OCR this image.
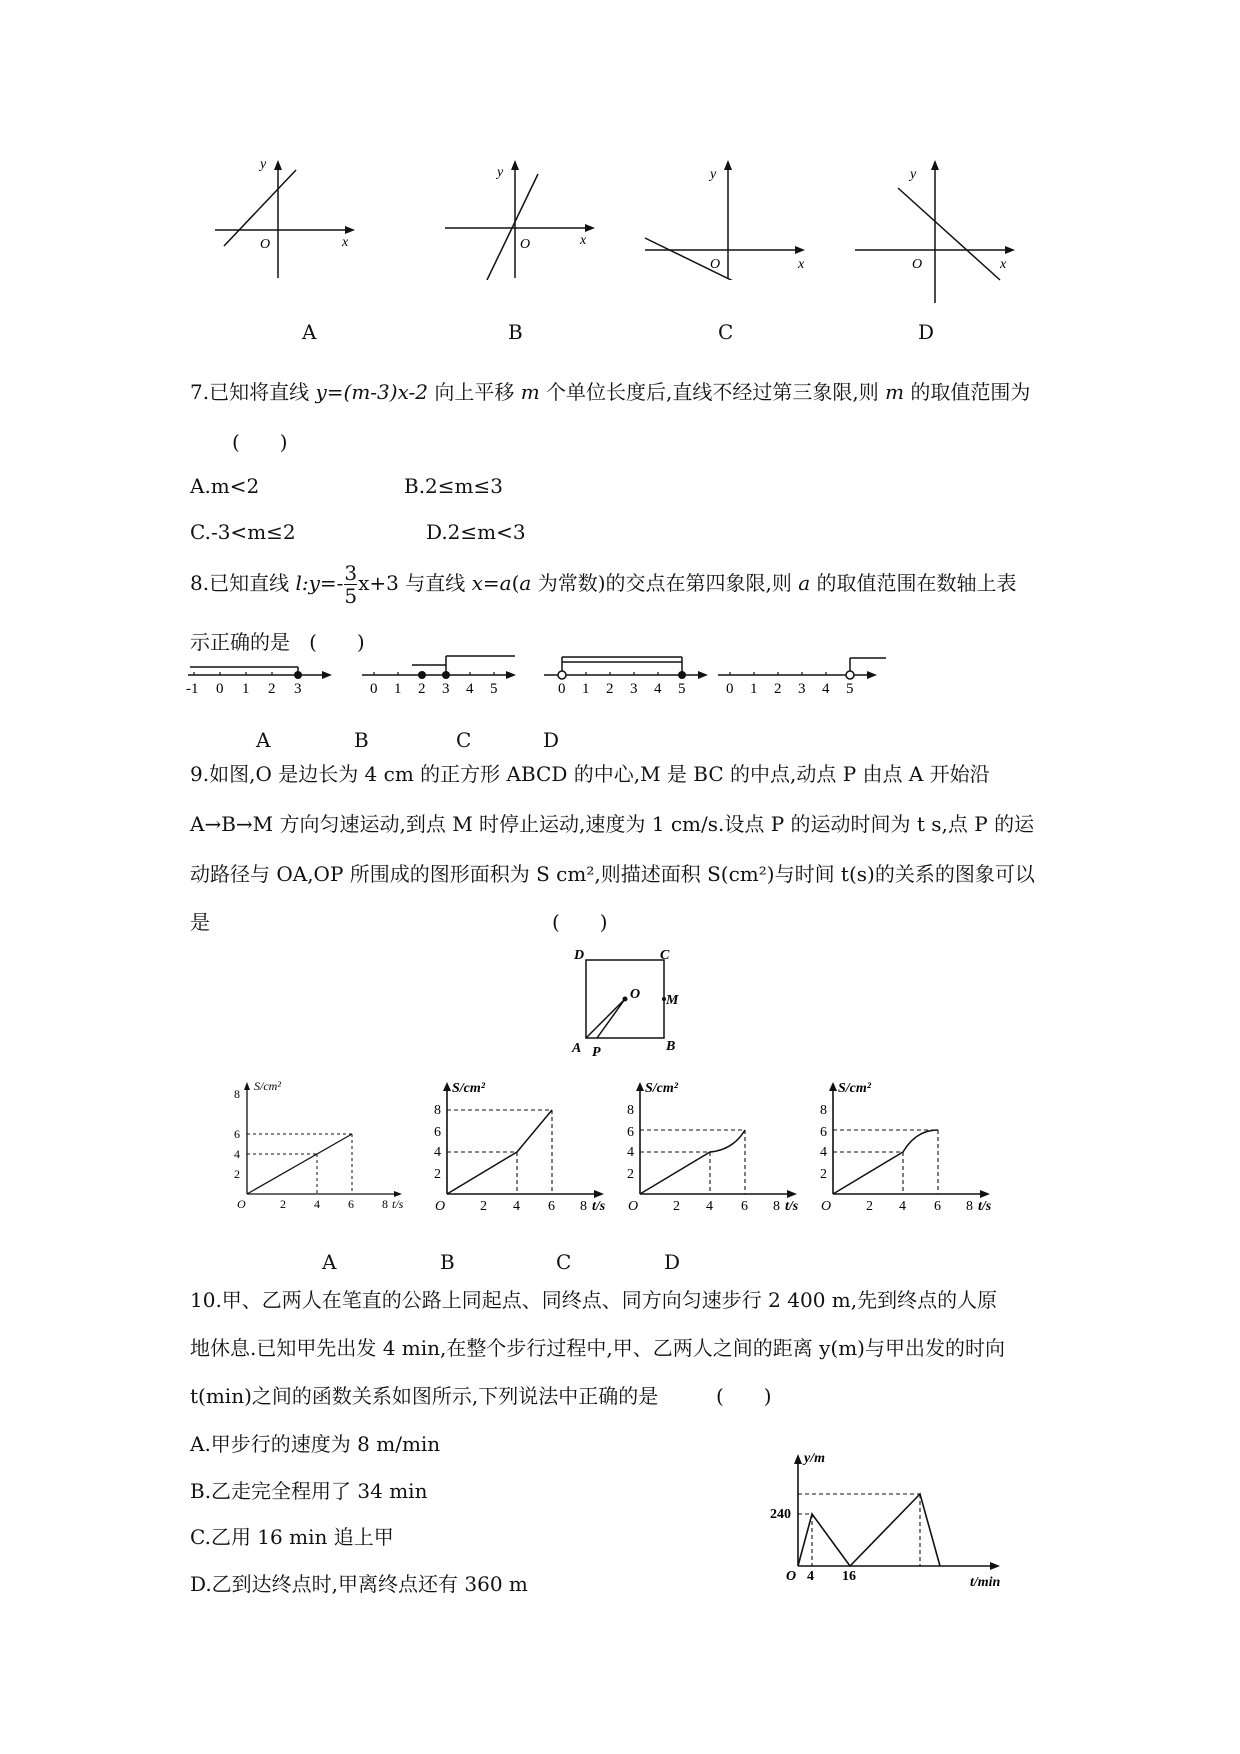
y
x
O
A
y
x
O
B
y
x
O
C
y
x
O
D
7.已知将直线 y=(m-3)x-2 向上平移 m 个单位长度后,直线不经过第三象限,则 m 的取值范围为
(　　)
A.m<2	B.2≤m≤3
C.-3<m≤2	D.2≤m<3
8.已知直线 l:y=- $\frac{3}{5} x+3$ 与直线 x=a(a 为常数)的交点在第四象限,则 a 的取值范围在数轴上表
示正确的是 (　　)
-1 0 1 2 3	0 1 2 3 4 5	0 1 2 3 4 5	0 1 2 3 4 5
A	B	C	D
9.如图,O 是边长为 4 cm 的正方形 ABCD 的中心,M 是 BC 的中点,动点 P 由点 A 开始沿
A→B→M 方向匀速运动,到点 M 时停止运动,速度为 1 cm/s.设点 P 的运动时间为 t s,点 P 的运
动路径与 OA,OP 所围成的图形面积为 S cm²,则描述面积 S(cm²)与时间 t(s)的关系的图象可以
是	(　　)
D	C
O M
A P	B
S/cm²
8
6
4
2
O	2 4 6 8 t/s
S/cm²
8
6
4
2
O 2 4 6 8 t/s
S/cm²
8
6
4
2
O 2 4 6 8 t/s
S/cm²
8
6
4
2
O 2 4 6 8 t/s
A	B	C	D
10.甲、乙两人在笔直的公路上同起点、同终点、同方向匀速步行 2 400 m,先到终点的人原
地休息.已知甲先出发 4 min,在整个步行过程中,甲、乙两人之间的距离 y(m)与甲出发的时向
t(min)之间的函数关系如图所示,下列说法中正确的是	(　　)
A.甲步行的速度为 8 m/min
B.乙走完全程用了 34 min
C.乙用 16 min 追上甲
D.乙到达终点时,甲离终点还有 360 m
y/m
240
O 4 16	t/min
